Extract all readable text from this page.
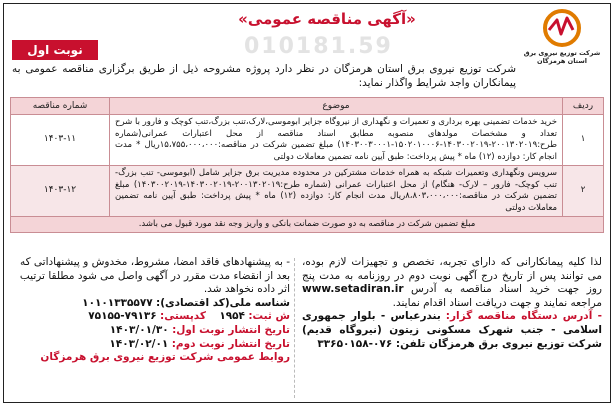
شرکت توزیع نیروی برق استان هرمزگان
«آگهی مناقصه عمومی»
010181.59
نوبت اول
شرکت توزیع نیروی برق استان هرمزگان در نظر دارد پروژه مشروحه ذیل از طریق برگزاری مناقصه عمومی به پیمانکاران واجد شرایط واگذار نماید:
ردیف	موضوع	شماره مناقصه
۱	خرید خدمات تضمینی بهره برداری و تعمیرات و نگهداری از نیروگاه جزایر ابوموسی،لارک،تنب بزرگ،تنب کوچک و فارور با شرح تعداد و مشخصات مولدهای منصوبه مطابق اسناد مناقصه از محل اعتبارات عمرانی(شماره طرح:۲۰۰۱۳۰۲۰۱۹-۱۴۰۳۰۰۲۰۱۹-۱۵۰۲۰۱۰۰۰۶-۱۴۰۳۰۰۳۰۰۰۱) مبلغ تضمین شرکت در مناقصه:۱۵،۷۵۵،۰۰۰،۰۰۰ریال * مدت انجام کار: دوازده (۱۲) ماه * پیش پرداخت: طبق آیین نامه تضمین معاملات دولتی	۱۴۰۳-۱۱
۲	سرویس ونگهداری وتعمیرات شبکه به همراه خدمات مشترکین در محدوده مدیریت برق جزایر شامل (ابوموسی- تنب بزرگ- تنب کوچک- فارور – لارک- هنگام) از محل اعتبارات عمرانی (شماره طرح:۲۰۰۱۳۰۲۰۱۹-۱۴۰۳۰۰۲۰۱۹-۱۴۰۳۰۰۲۰۱۹) مبلغ تضمین شرکت در مناقصه:۸،۸۰۳،۰۰۰،۰۰۰ریال مدت انجام کار: دوازده (۱۲) ماه * پیش پرداخت: طبق آیین نامه تضمین معاملات دولتی	۱۴۰۳-۱۲
مبلغ تضمین شرکت در مناقصه به دو صورت ضمانت بانکی و واریز وجه نقد مورد قبول می باشد.		
لذا کلیه پیمانکارانی که دارای تجربه، تخصص و تجهیزات لازم بوده، می توانند پس از تاریخ درج آگهی نوبت دوم در روزنامه به مدت پنج روز جهت خرید اسناد مناقصه به آدرس www.setadiran.ir مراجعه نمایند و جهت دریافت اسناد اقدام نمایند.
- آدرس دستگاه مناقصه گزار: بندرعباس - بلوار جمهوری اسلامی - جنب شهرک مسکونی زیتون (نیروگاه قدیم) شرکت توزیع نیروی برق هرمزگان تلفن: ۰۷۶-۳۳۶۵۰۱۵۸

- به پیشنهادهای فاقد امضا، مشروط، مخدوش و پیشنهاداتی که بعد از انقضاء مدت مقرر در آگهی واصل می شود مطلقا ترتیب اثر داده نخواهد شد.

شناسه ملی(کد اقتصادی): ۱۰۱۰۱۳۳۵۵۷۷

ش ثبت: ۱۹۵۴    کدپستی: ۷۹۱۳۶-۷۵۱۵۵

تاریخ انتشار نوبت اول: ۱۴۰۳/۰۱/۳۰

تاریخ انتشار نوبت دوم: ۱۴۰۳/۰۲/۰۱

روابط عمومی شرکت توزیع نیروی برق هرمزگان
